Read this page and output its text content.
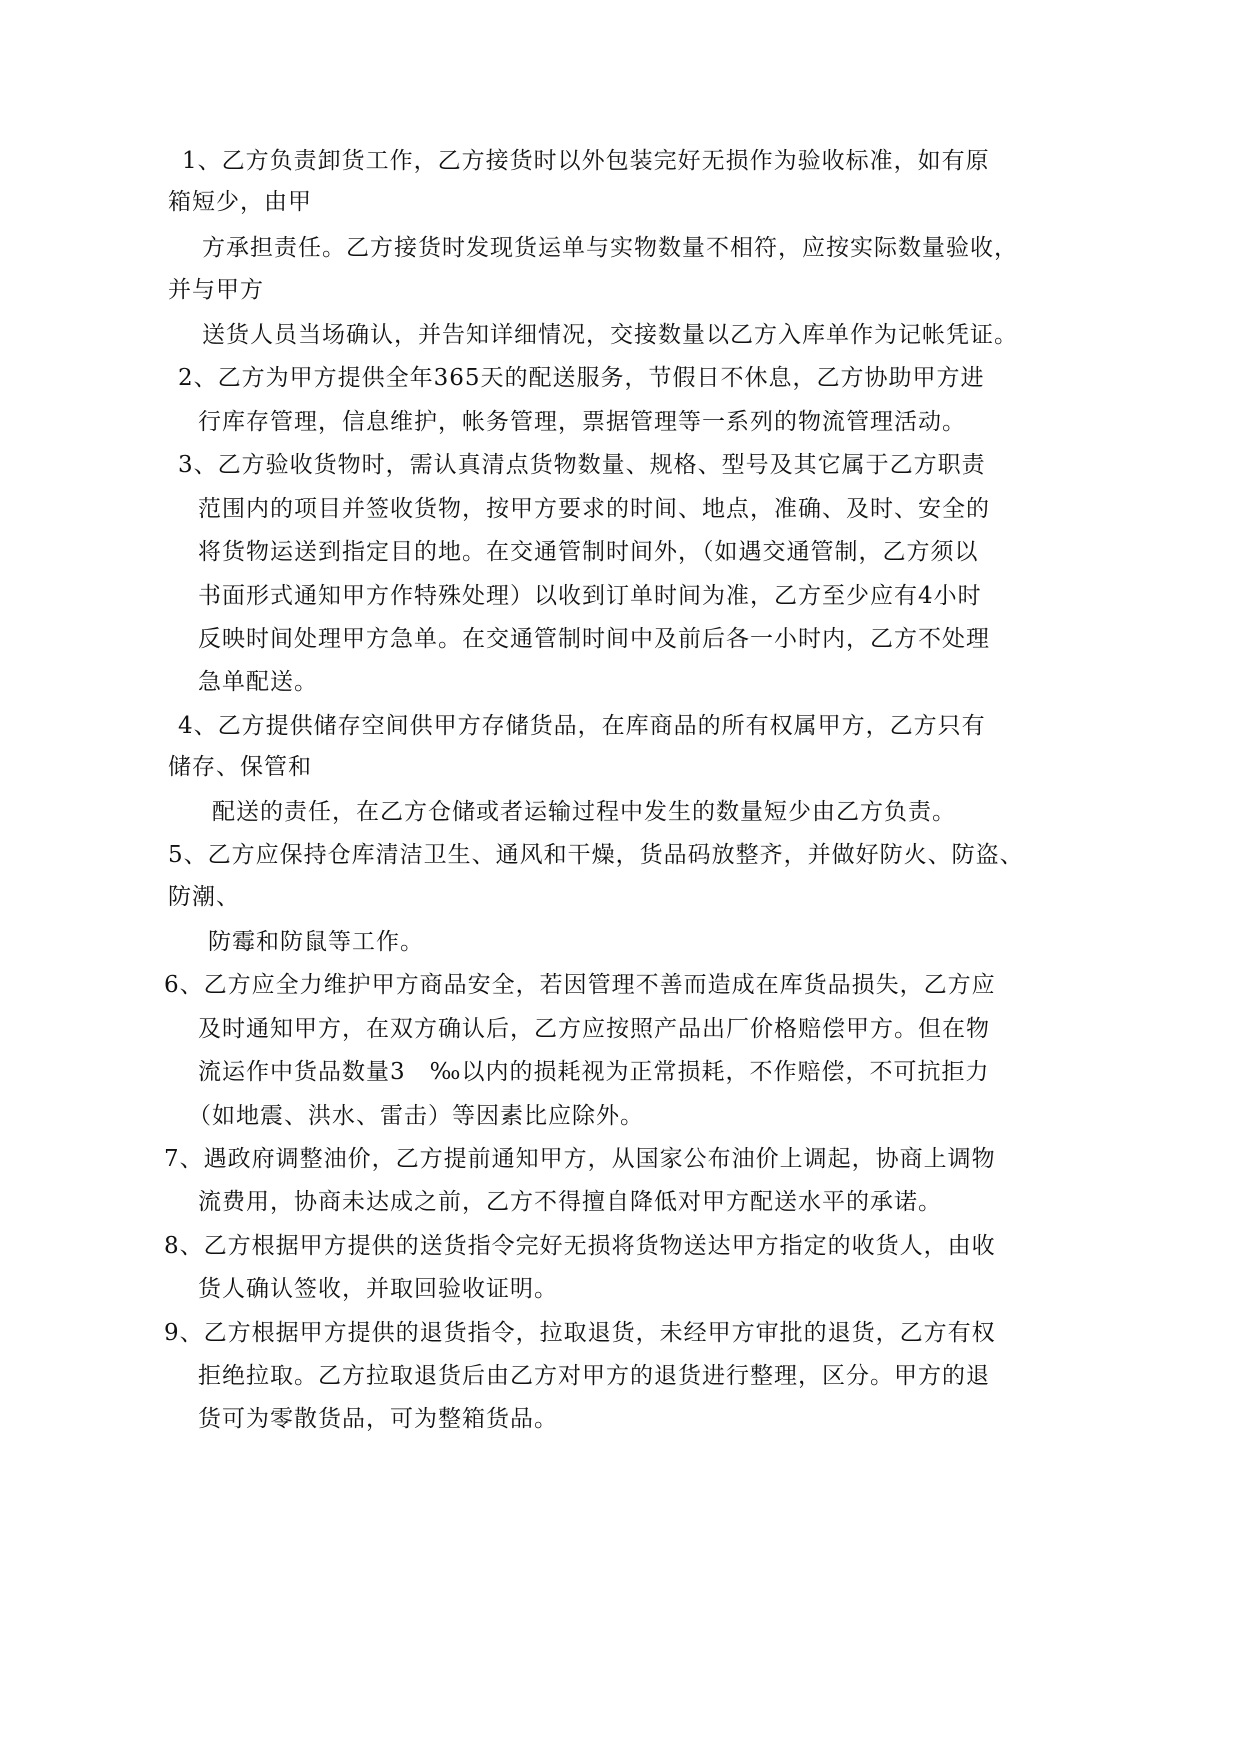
1、乙方负责卸货工作，乙方接货时以外包装完好无损作为验收标准，如有原
箱短少，由甲
方承担责任。乙方接货时发现货运单与实物数量不相符，应按实际数量验收，
并与甲方
送货人员当场确认，并告知详细情况，交接数量以乙方入库单作为记帐凭证。
2、乙方为甲方提供全年365天的配送服务，节假日不休息，乙方协助甲方进
行库存管理，信息维护，帐务管理，票据管理等一系列的物流管理活动。
3、乙方验收货物时，需认真清点货物数量、规格、型号及其它属于乙方职责
范围内的项目并签收货物，按甲方要求的时间、地点，准确、及时、安全的
将货物运送到指定目的地。在交通管制时间外，（如遇交通管制，乙方须以
书面形式通知甲方作特殊处理）以收到订单时间为准，乙方至少应有4小时
反映时间处理甲方急单。在交通管制时间中及前后各一小时内，乙方不处理
急单配送。
4、乙方提供储存空间供甲方存储货品，在库商品的所有权属甲方，乙方只有
储存、保管和
配送的责任，在乙方仓储或者运输过程中发生的数量短少由乙方负责。
5、乙方应保持仓库清洁卫生、通风和干燥，货品码放整齐，并做好防火、防盗、
防潮、
防霉和防鼠等工作。
6、乙方应全力维护甲方商品安全，若因管理不善而造成在库货品损失，乙方应
及时通知甲方，在双方确认后，乙方应按照产品出厂价格赔偿甲方。但在物
流运作中货品数量3　‰以内的损耗视为正常损耗，不作赔偿，不可抗拒力
（如地震、洪水、雷击）等因素比应除外。
7、遇政府调整油价，乙方提前通知甲方，从国家公布油价上调起，协商上调物
流费用，协商未达成之前，乙方不得擅自降低对甲方配送水平的承诺。
8、乙方根据甲方提供的送货指令完好无损将货物送达甲方指定的收货人，由收
货人确认签收，并取回验收证明。
9、乙方根据甲方提供的退货指令，拉取退货，未经甲方审批的退货，乙方有权
拒绝拉取。乙方拉取退货后由乙方对甲方的退货进行整理，区分。甲方的退
货可为零散货品，可为整箱货品。
